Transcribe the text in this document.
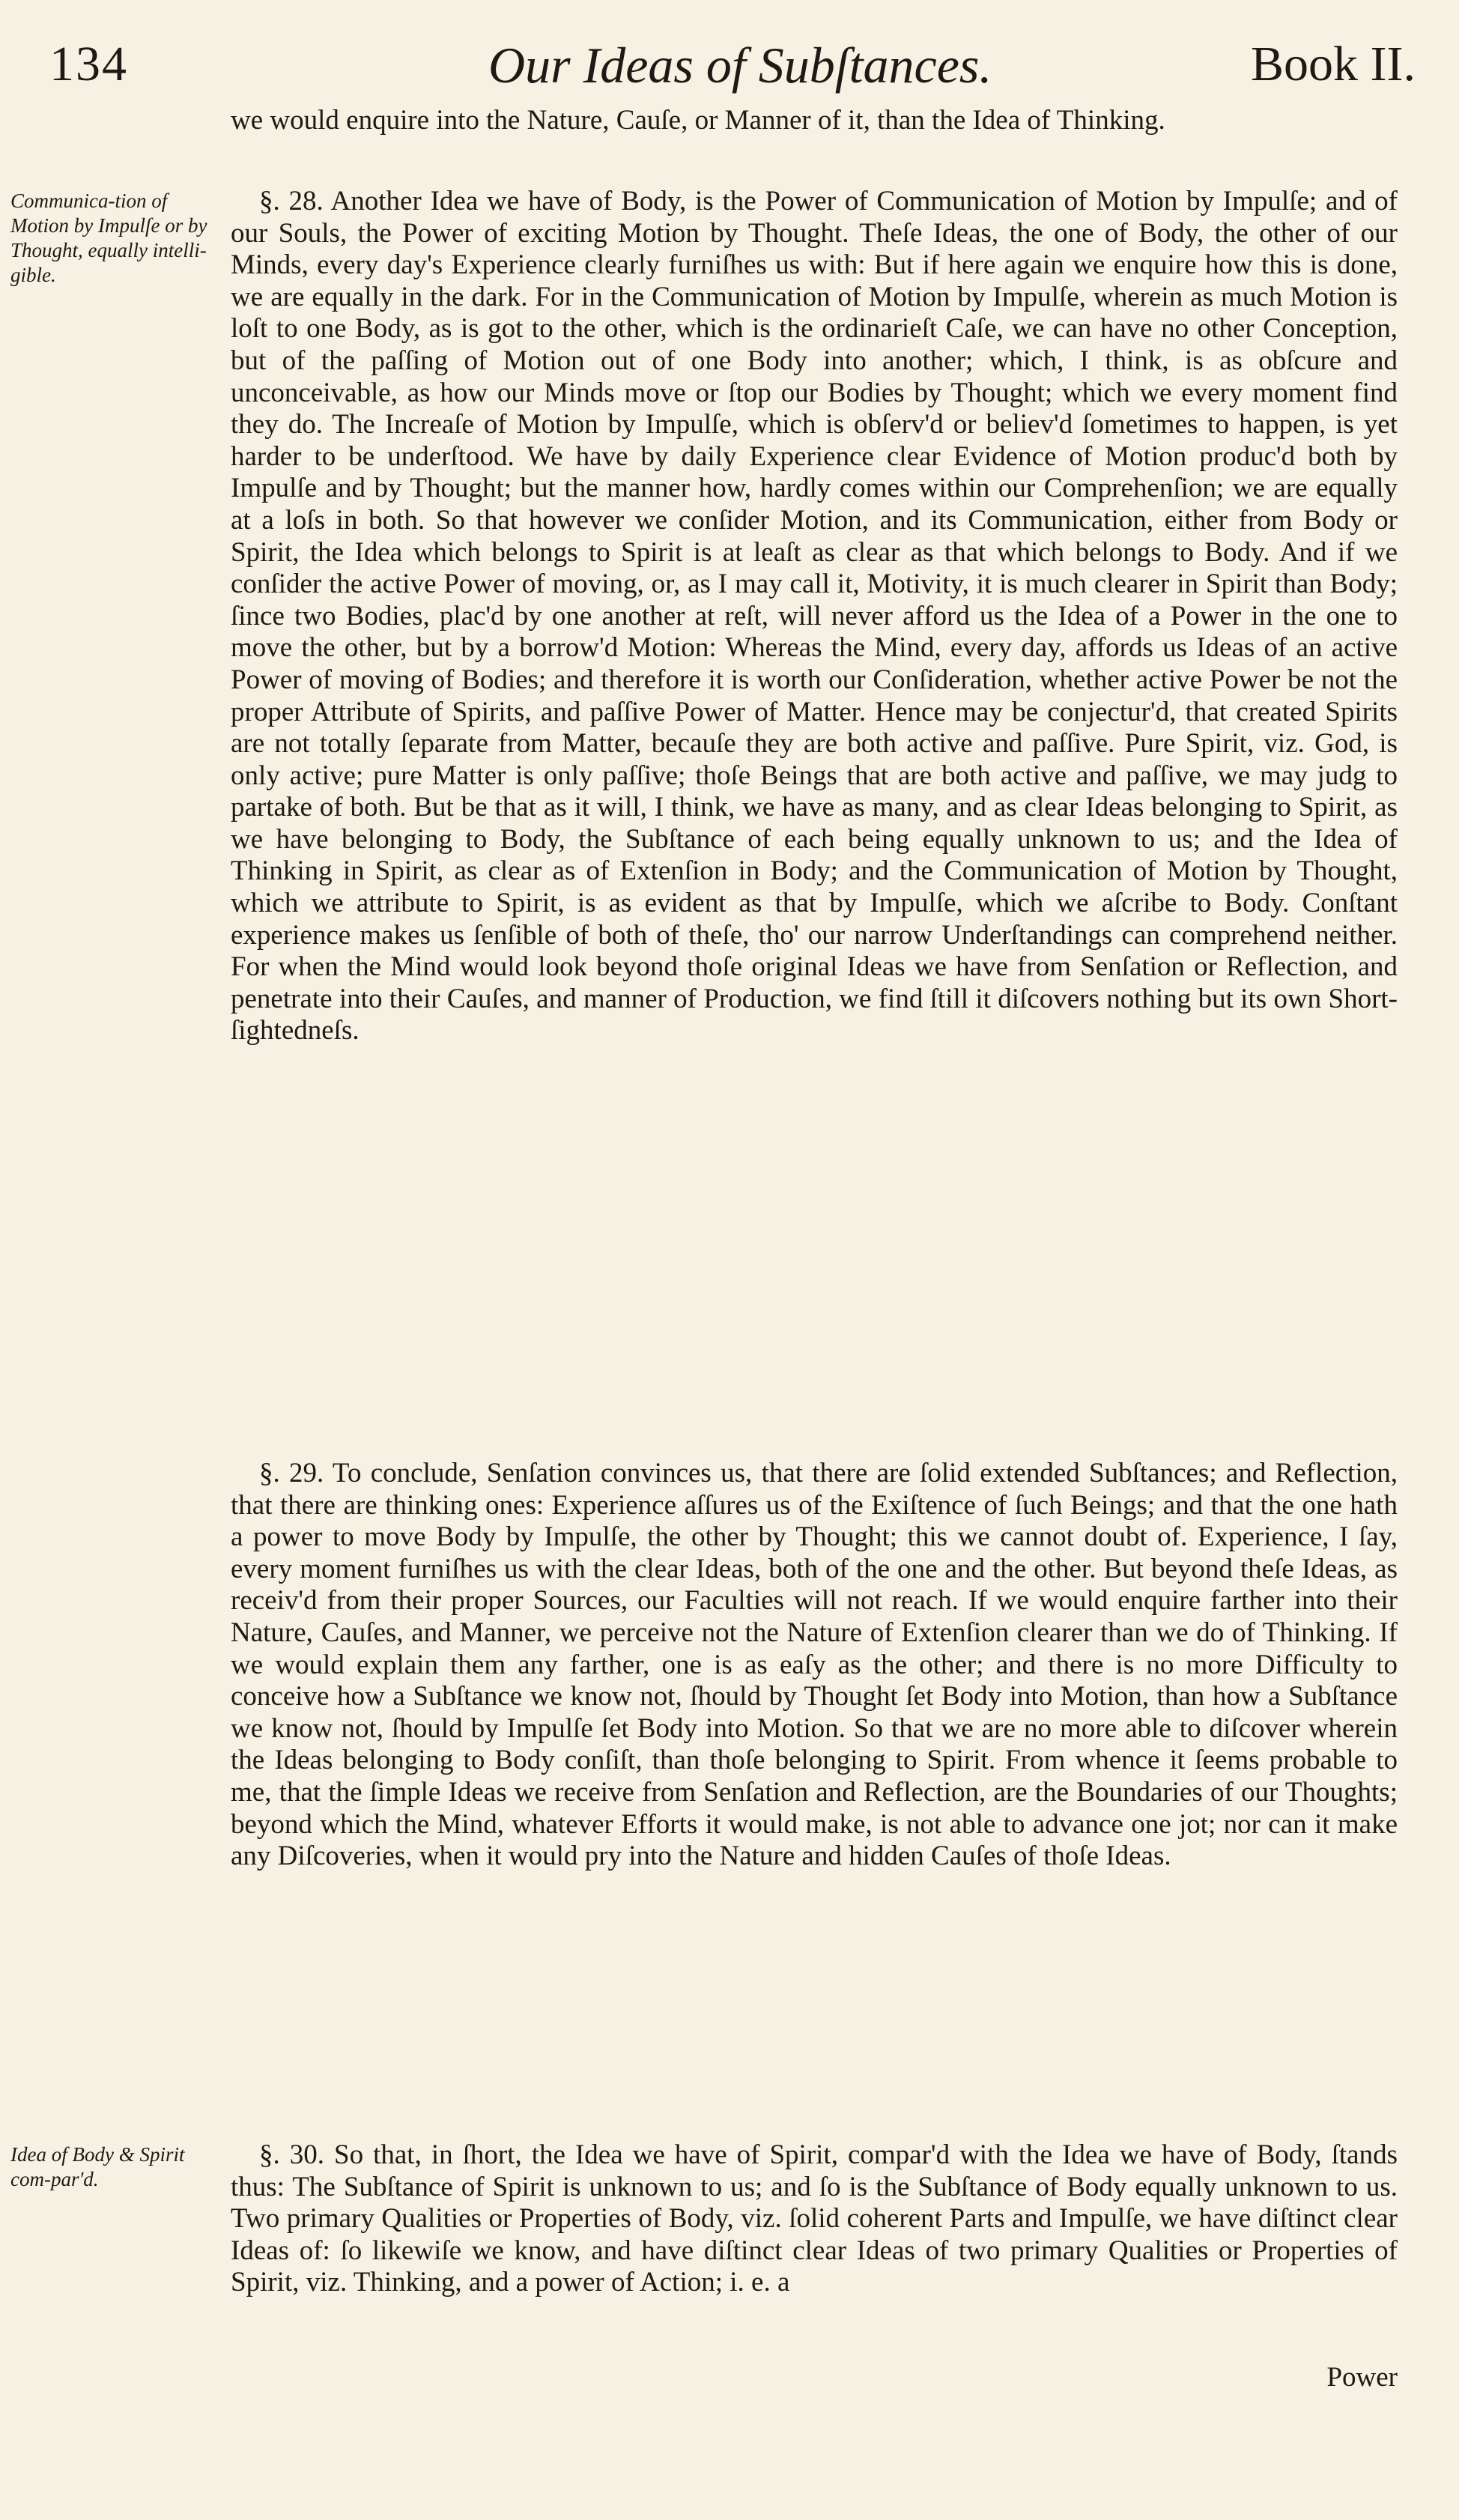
134	Our Ideas of Subſtances.	Book II.
Communica-tion of Motion by Impulſe or by Thought, equally intelli-gible.
Idea of Body & Spirit com-par'd.

we would enquire into the Nature, Cauſe, or Manner of it, than the Idea of Thinking.

§. 28. Another Idea we have of Body, is the Power of Communication of Motion by Impulſe; and of our Souls, the Power of exciting Motion by Thought. Theſe Ideas, the one of Body, the other of our Minds, every day's Experience clearly furniſhes us with: But if here again we enquire how this is done, we are equally in the dark. For in the Communication of Motion by Impulſe, wherein as much Motion is loſt to one Body, as is got to the other, which is the ordinarieſt Caſe, we can have no other Conception, but of the paſſing of Motion out of one Body into another; which, I think, is as obſcure and unconceivable, as how our Minds move or ſtop our Bodies by Thought; which we every moment find they do. The Increaſe of Motion by Impulſe, which is obſerv'd or believ'd ſometimes to happen, is yet harder to be underſtood. We have by daily Experience clear Evidence of Motion produc'd both by Impulſe and by Thought; but the manner how, hardly comes within our Comprehenſion; we are equally at a loſs in both. So that however we conſider Motion, and its Communication, either from Body or Spirit, the Idea which belongs to Spirit is at leaſt as clear as that which belongs to Body. And if we conſider the active Power of moving, or, as I may call it, Motivity, it is much clearer in Spirit than Body; ſince two Bodies, plac'd by one another at reſt, will never afford us the Idea of a Power in the one to move the other, but by a borrow'd Motion: Whereas the Mind, every day, affords us Ideas of an active Power of moving of Bodies; and therefore it is worth our Conſideration, whether active Power be not the proper Attribute of Spirits, and paſſive Power of Matter. Hence may be conjectur'd, that created Spirits are not totally ſeparate from Matter, becauſe they are both active and paſſive. Pure Spirit, viz. God, is only active; pure Matter is only paſſive; thoſe Beings that are both active and paſſive, we may judg to partake of both. But be that as it will, I think, we have as many, and as clear Ideas belonging to Spirit, as we have belonging to Body, the Subſtance of each being equally unknown to us; and the Idea of Thinking in Spirit, as clear as of Extenſion in Body; and the Communication of Motion by Thought, which we attribute to Spirit, is as evident as that by Impulſe, which we aſcribe to Body. Conſtant experience makes us ſenſible of both of theſe, tho' our narrow Underſtandings can comprehend neither. For when the Mind would look beyond thoſe original Ideas we have from Senſation or Reflection, and penetrate into their Cauſes, and manner of Production, we find ſtill it diſcovers nothing but its own Short-ſightedneſs.

§. 29. To conclude, Senſation convinces us, that there are ſolid extended Subſtances; and Reflection, that there are thinking ones: Experience aſſures us of the Exiſtence of ſuch Beings; and that the one hath a power to move Body by Impulſe, the other by Thought; this we cannot doubt of. Experience, I ſay, every moment furniſhes us with the clear Ideas, both of the one and the other. But beyond theſe Ideas, as receiv'd from their proper Sources, our Faculties will not reach. If we would enquire farther into their Nature, Cauſes, and Manner, we perceive not the Nature of Extenſion clearer than we do of Thinking. If we would explain them any farther, one is as eaſy as the other; and there is no more Difficulty to conceive how a Subſtance we know not, ſhould by Thought ſet Body into Motion, than how a Subſtance we know not, ſhould by Impulſe ſet Body into Motion. So that we are no more able to diſcover wherein the Ideas belonging to Body conſiſt, than thoſe belonging to Spirit. From whence it ſeems probable to me, that the ſimple Ideas we receive from Senſation and Reflection, are the Boundaries of our Thoughts; beyond which the Mind, whatever Efforts it would make, is not able to advance one jot; nor can it make any Diſcoveries, when it would pry into the Nature and hidden Cauſes of thoſe Ideas.

§. 30. So that, in ſhort, the Idea we have of Spirit, compar'd with the Idea we have of Body, ſtands thus: The Subſtance of Spirit is unknown to us; and ſo is the Subſtance of Body equally unknown to us. Two primary Qualities or Properties of Body, viz. ſolid coherent Parts and Impulſe, we have diſtinct clear Ideas of: ſo likewiſe we know, and have diſtinct clear Ideas of two primary Qualities or Properties of Spirit, viz. Thinking, and a power of Action; i. e. a

Power
